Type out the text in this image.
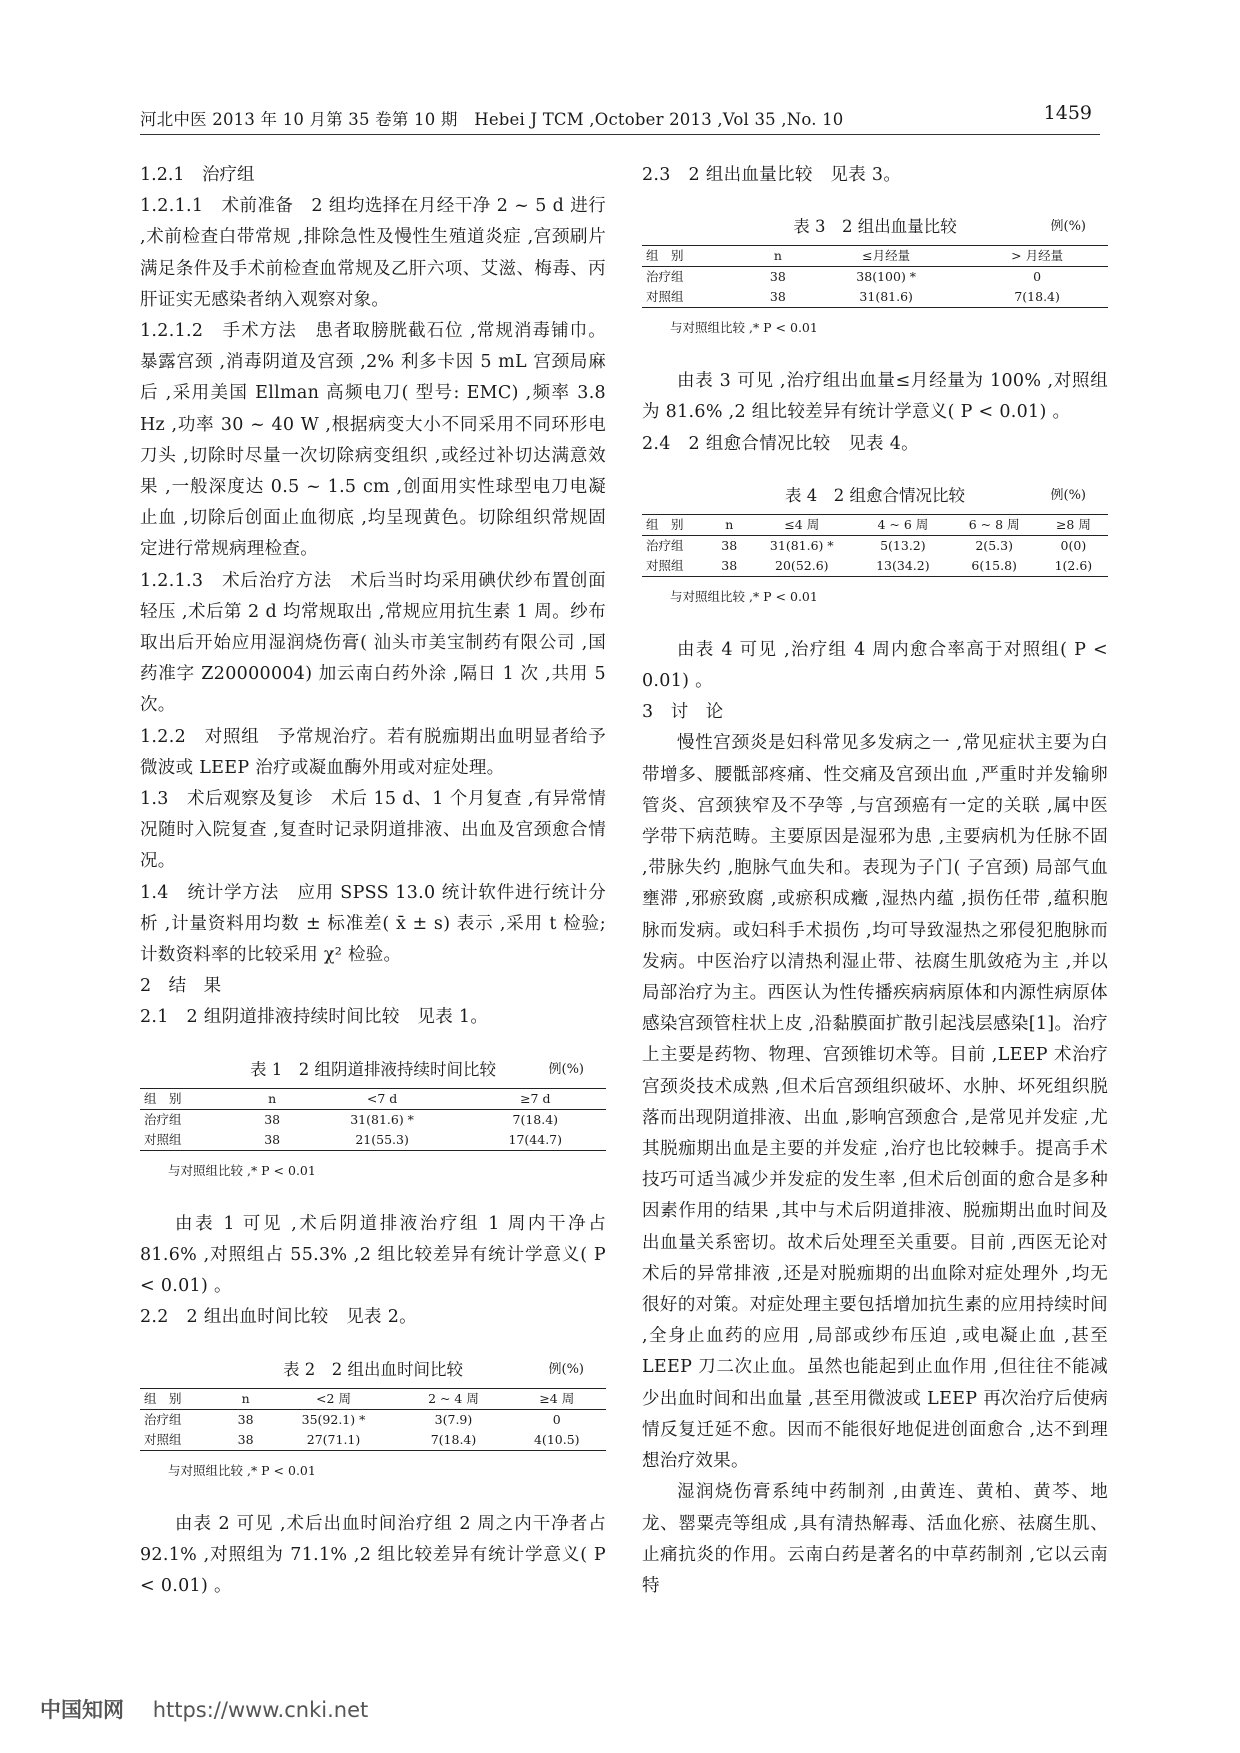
河北中医 2013 年 10 月第 35 卷第 10 期　Hebei J TCM ,October 2013 ,Vol 35 ,No. 10	1459

1.2.1　治疗组

1.2.1.1　术前准备　2 组均选择在月经干净 2 ~ 5 d 进行 ,术前检查白带常规 ,排除急性及慢性生殖道炎症 ,宫颈刷片满足条件及手术前检查血常规及乙肝六项、艾滋、梅毒、丙肝证实无感染者纳入观察对象。

1.2.1.2　手术方法　患者取膀胱截石位 ,常规消毒铺巾。暴露宫颈 ,消毒阴道及宫颈 ,2% 利多卡因 5 mL 宫颈局麻后 ,采用美国 Ellman 高频电刀( 型号: EMC) ,频率 3.8 Hz ,功率 30 ~ 40 W ,根据病变大小不同采用不同环形电刀头 ,切除时尽量一次切除病变组织 ,或经过补切达满意效果 ,一般深度达 0.5 ~ 1.5 cm ,创面用实性球型电刀电凝止血 ,切除后创面止血彻底 ,均呈现黄色。切除组织常规固定进行常规病理检查。

1.2.1.3　术后治疗方法　术后当时均采用碘伏纱布置创面轻压 ,术后第 2 d 均常规取出 ,常规应用抗生素 1 周。纱布取出后开始应用湿润烧伤膏( 汕头市美宝制药有限公司 ,国药准字 Z20000004) 加云南白药外涂 ,隔日 1 次 ,共用 5 次。

1.2.2　对照组　予常规治疗。若有脱痂期出血明显者给予微波或 LEEP 治疗或凝血酶外用或对症处理。

1.3　术后观察及复诊　术后 15 d、1 个月复查 ,有异常情况随时入院复查 ,复查时记录阴道排液、出血及宫颈愈合情况。

1.4　统计学方法　应用 SPSS 13.0 统计软件进行统计分析 ,计量资料用均数 ± 标准差( x̄ ± s) 表示 ,采用 t 检验; 计数资料率的比较采用 χ² 检验。

2　结　果

2.1　2 组阴道排液持续时间比较　见表 1。

表 1　2 组阴道排液持续时间比较	例(%)
组　别	n	<7 d	≥7 d
治疗组	38	31(81.6) *	7(18.4)
对照组	38	21(55.3)	17(44.7)
与对照组比较 ,* P < 0.01

由表 1 可见 ,术后阴道排液治疗组 1 周内干净占 81.6% ,对照组占 55.3% ,2 组比较差异有统计学意义( P < 0.01) 。

2.2　2 组出血时间比较　见表 2。

表 2　2 组出血时间比较	例(%)
组　别	n	<2 周	2 ~ 4 周	≥4 周
治疗组	38	35(92.1) *	3(7.9)	0
对照组	38	27(71.1)	7(18.4)	4(10.5)
与对照组比较 ,* P < 0.01

由表 2 可见 ,术后出血时间治疗组 2 周之内干净者占 92.1% ,对照组为 71.1% ,2 组比较差异有统计学意义( P < 0.01) 。

2.3　2 组出血量比较　见表 3。

表 3　2 组出血量比较	例(%)
组　别	n	≤月经量	> 月经量
治疗组	38	38(100) *	0
对照组	38	31(81.6)	7(18.4)
与对照组比较 ,* P < 0.01

由表 3 可见 ,治疗组出血量≤月经量为 100% ,对照组为 81.6% ,2 组比较差异有统计学意义( P < 0.01) 。

2.4　2 组愈合情况比较　见表 4。

表 4　2 组愈合情况比较	例(%)
组　别	n	≤4 周	4 ~ 6 周	6 ~ 8 周	≥8 周
治疗组	38	31(81.6) *	5(13.2)	2(5.3)	0(0)
对照组	38	20(52.6)	13(34.2)	6(15.8)	1(2.6)
与对照组比较 ,* P < 0.01

由表 4 可见 ,治疗组 4 周内愈合率高于对照组( P < 0.01) 。

3　讨　论

慢性宫颈炎是妇科常见多发病之一 ,常见症状主要为白带增多、腰骶部疼痛、性交痛及宫颈出血 ,严重时并发输卵管炎、宫颈狭窄及不孕等 ,与宫颈癌有一定的关联 ,属中医学带下病范畴。主要原因是湿邪为患 ,主要病机为任脉不固 ,带脉失约 ,胞脉气血失和。表现为子门( 子宫颈) 局部气血壅滞 ,邪瘀致腐 ,或瘀积成癥 ,湿热内蕴 ,损伤任带 ,蕴积胞脉而发病。或妇科手术损伤 ,均可导致湿热之邪侵犯胞脉而发病。中医治疗以清热利湿止带、祛腐生肌敛疮为主 ,并以局部治疗为主。西医认为性传播疾病病原体和内源性病原体感染宫颈管柱状上皮 ,沿黏膜面扩散引起浅层感染[1]。治疗上主要是药物、物理、宫颈锥切术等。目前 ,LEEP 术治疗宫颈炎技术成熟 ,但术后宫颈组织破坏、水肿、坏死组织脱落而出现阴道排液、出血 ,影响宫颈愈合 ,是常见并发症 ,尤其脱痂期出血是主要的并发症 ,治疗也比较棘手。提高手术技巧可适当减少并发症的发生率 ,但术后创面的愈合是多种因素作用的结果 ,其中与术后阴道排液、脱痂期出血时间及出血量关系密切。故术后处理至关重要。目前 ,西医无论对术后的异常排液 ,还是对脱痂期的出血除对症处理外 ,均无很好的对策。对症处理主要包括增加抗生素的应用持续时间 ,全身止血药的应用 ,局部或纱布压迫 ,或电凝止血 ,甚至 LEEP 刀二次止血。虽然也能起到止血作用 ,但往往不能减少出血时间和出血量 ,甚至用微波或 LEEP 再次治疗后使病情反复迁延不愈。因而不能很好地促进创面愈合 ,达不到理想治疗效果。

湿润烧伤膏系纯中药制剂 ,由黄连、黄柏、黄芩、地龙、罂粟壳等组成 ,具有清热解毒、活血化瘀、祛腐生肌、止痛抗炎的作用。云南白药是著名的中草药制剂 ,它以云南特

中国知网 https://www.cnki.net
